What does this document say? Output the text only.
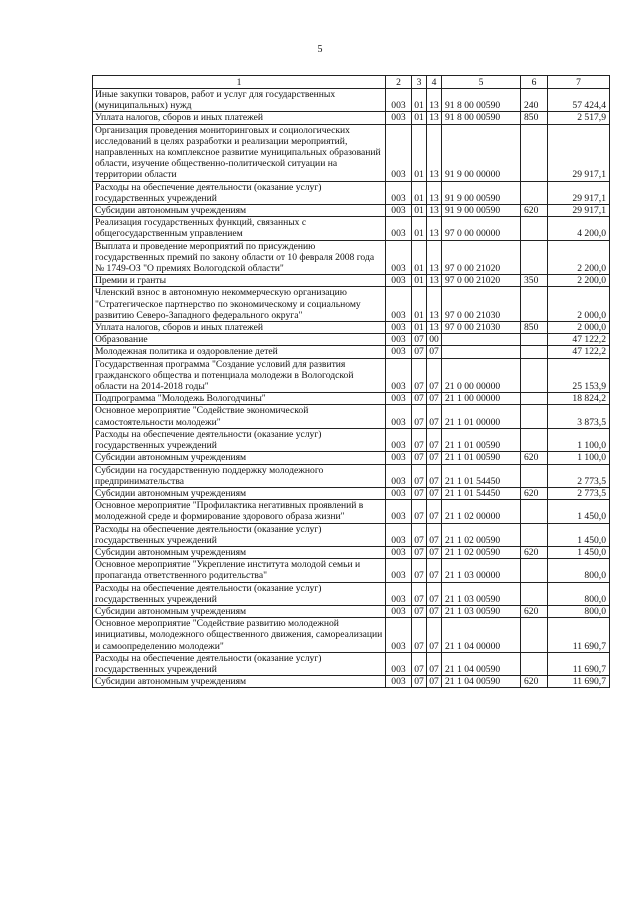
5
1	2	3	4	5	6	7
Иные закупки товаров, работ и услуг для государственных (муниципальных) нужд	003	01	13	91 8 00 00590	240	57 424,4
Уплата налогов, сборов и иных платежей	003	01	13	91 8 00 00590	850	2 517,9
Организация проведения мониторинговых и социологических исследований в целях разработки и реализации мероприятий, направленных на комплексное развитие муниципальных образований области, изучение общественно-политической ситуации на территории области	003	01	13	91 9 00 00000		29 917,1
Расходы на обеспечение деятельности (оказание услуг) государственных учреждений	003	01	13	91 9 00 00590		29 917,1
Субсидии автономным учреждениям	003	01	13	91 9 00 00590	620	29 917,1
Реализация государственных функций, связанных с общегосударственным управлением	003	01	13	97 0 00 00000		4 200,0
Выплата и проведение мероприятий по присуждению государственных премий по закону области от 10 февраля 2008 года № 1749-ОЗ "О премиях Вологодской области"	003	01	13	97 0 00 21020		2 200,0
Премии и гранты	003	01	13	97 0 00 21020	350	2 200,0
Членский взнос в автономную некоммерческую организацию "Стратегическое партнерство по экономическому и социальному развитию Северо-Западного федерального округа"	003	01	13	97 0 00 21030		2 000,0
Уплата налогов, сборов и иных платежей	003	01	13	97 0 00 21030	850	2 000,0
Образование	003	07	00			47 122,2
Молодежная политика и оздоровление детей	003	07	07			47 122,2
Государственная программа "Создание условий для развития гражданского общества и потенциала молодежи в Вологодской области на 2014-2018 годы"	003	07	07	21 0 00 00000		25 153,9
Подпрограмма "Молодежь Вологодчины"	003	07	07	21 1 00 00000		18 824,2
Основное мероприятие "Содействие экономической самостоятельности молодежи"	003	07	07	21 1 01 00000		3 873,5
Расходы на обеспечение деятельности (оказание услуг) государственных учреждений	003	07	07	21 1 01 00590		1 100,0
Субсидии автономным учреждениям	003	07	07	21 1 01 00590	620	1 100,0
Субсидии на государственную поддержку молодежного предпринимательства	003	07	07	21 1 01 54450		2 773,5
Субсидии автономным учреждениям	003	07	07	21 1 01 54450	620	2 773,5
Основное мероприятие "Профилактика негативных проявлений в молодежной среде и формирование здорового образа жизни"	003	07	07	21 1 02 00000		1 450,0
Расходы на обеспечение деятельности (оказание услуг) государственных учреждений	003	07	07	21 1 02 00590		1 450,0
Субсидии автономным учреждениям	003	07	07	21 1 02 00590	620	1 450,0
Основное мероприятие "Укрепление института молодой семьи и пропаганда ответственного родительства"	003	07	07	21 1 03 00000		800,0
Расходы на обеспечение деятельности (оказание услуг) государственных учреждений	003	07	07	21 1 03 00590		800,0
Субсидии автономным учреждениям	003	07	07	21 1 03 00590	620	800,0
Основное мероприятие "Содействие развитию молодежной инициативы, молодежного общественного движения, самореализации и самоопределению молодежи"	003	07	07	21 1 04 00000		11 690,7
Расходы на обеспечение деятельности (оказание услуг) государственных учреждений	003	07	07	21 1 04 00590		11 690,7
Субсидии автономным учреждениям	003	07	07	21 1 04 00590	620	11 690,7
